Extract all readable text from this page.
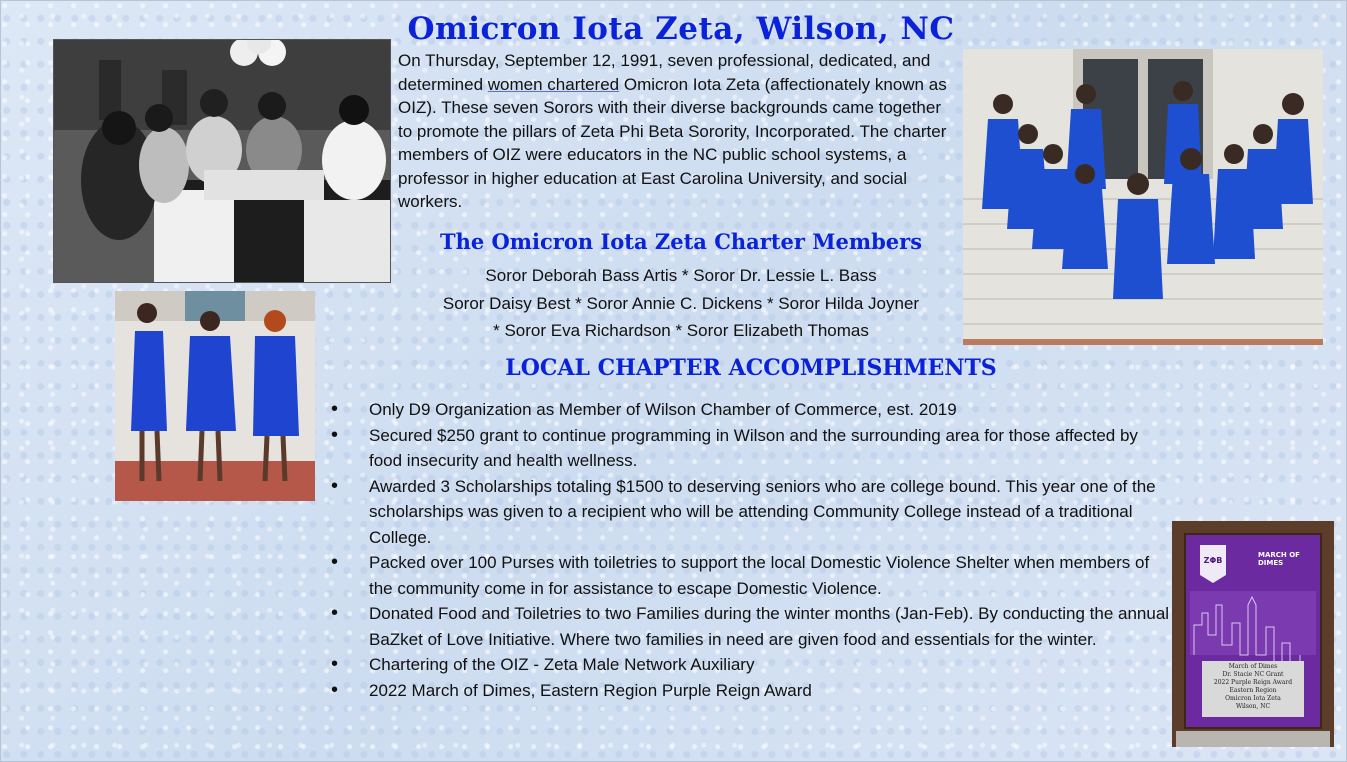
Omicron Iota Zeta, Wilson, NC
On Thursday, September 12, 1991, seven professional, dedicated, and determined women chartered Omicron Iota Zeta (affectionately known as OIZ). These seven Sorors with their diverse backgrounds came together to promote the pillars of Zeta Phi Beta Sorority, Incorporated. The charter members of OIZ were educators in the NC public school systems, a professor in higher education at East Carolina University, and social workers.
The Omicron Iota Zeta Charter Members
Soror Deborah Bass Artis * Soror Dr. Lessie L. Bass
Soror Daisy Best * Soror Annie C. Dickens * Soror Hilda Joyner
* Soror Eva Richardson * Soror Elizabeth Thomas
LOCAL CHAPTER ACCOMPLISHMENTS
• Only D9 Organization as Member of Wilson Chamber of Commerce, est. 2019
• Secured $250 grant to continue programming in Wilson and the surrounding area for those affected by food insecurity and health wellness.
• Awarded 3 Scholarships totaling $1500 to deserving seniors who are college bound. This year one of the scholarships was given to a recipient who will be attending Community College instead of a traditional College.
• Packed over 100 Purses with toiletries to support the local Domestic Violence Shelter when members of the community come in for assistance to escape Domestic Violence.
• Donated Food and Toiletries to two Families during the winter months (Jan-Feb). By conducting the annual BaZket of Love Initiative. Where two families in need are given food and essentials for the winter.
• Chartering of the OIZ - Zeta Male Network Auxiliary
• 2022 March of Dimes, Eastern Region Purple Reign Award
ZΦB
MARCH OF DIMES
March of Dimes
Dr. Stacie NC Grant
2022 Purple Reign Award
Eastern Region
Omicron Iota Zeta
Wilson, NC
